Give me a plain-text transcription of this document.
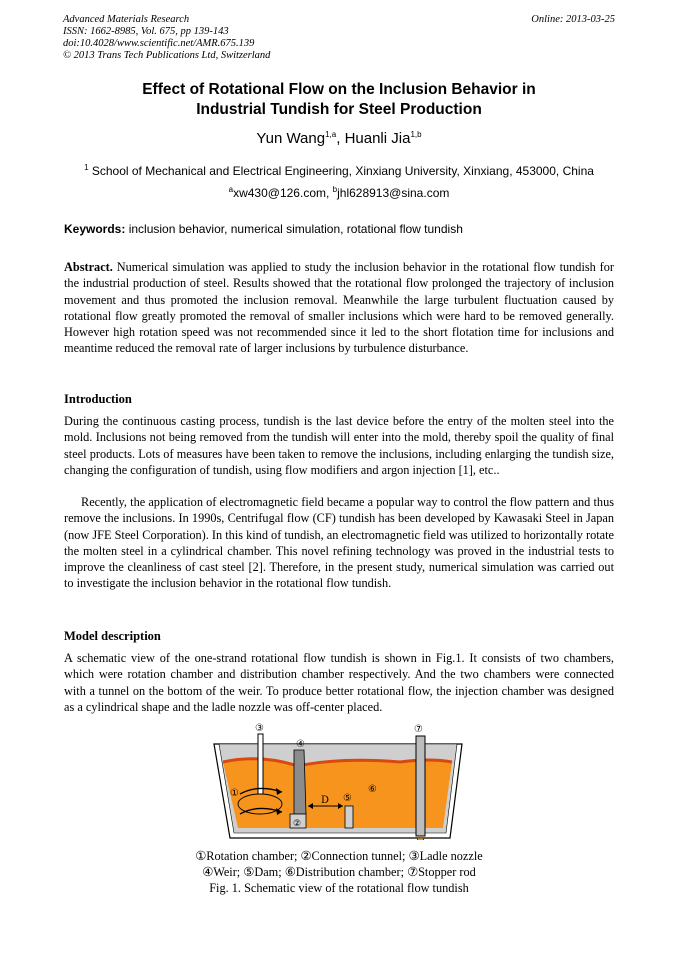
Advanced Materials Research
ISSN: 1662-8985, Vol. 675, pp 139-143
doi:10.4028/www.scientific.net/AMR.675.139
© 2013 Trans Tech Publications Ltd, Switzerland
Online: 2013-03-25
Effect of Rotational Flow on the Inclusion Behavior in
Industrial Tundish for Steel Production
Yun Wang$^{1,a}$, Huanli Jia$^{1,b}$
$^1$ School of Mechanical and Electrical Engineering, Xinxiang University, Xinxiang, 453000, China
$^a$xw430@126.com, $^b$jhl628913@sina.com
Keywords: inclusion behavior, numerical simulation, rotational flow tundish
Abstract. Numerical simulation was applied to study the inclusion behavior in the rotational flow tundish for the industrial production of steel. Results showed that the rotational flow prolonged the trajectory of inclusion movement and thus promoted the inclusion removal. Meanwhile the large turbulent fluctuation caused by rotational flow greatly promoted the removal of smaller inclusions which were hard to be removed generally. However high rotation speed was not recommended since it led to the short flotation time for inclusions and meantime reduced the removal rate of larger inclusions by turbulence disturbance.
Introduction
During the continuous casting process, tundish is the last device before the entry of the molten steel into the mold. Inclusions not being removed from the tundish will enter into the mold, thereby spoil the quality of final steel products. Lots of measures have been taken to remove the inclusions, including enlarging the tundish size, changing the configuration of tundish, using flow modifiers and argon injection [1], etc..
Recently, the application of electromagnetic field became a popular way to control the flow pattern and thus remove the inclusions. In 1990s, Centrifugal flow (CF) tundish has been developed by Kawasaki Steel in Japan (now JFE Steel Corporation). In this kind of tundish, an electromagnetic field was utilized to horizontally rotate the molten steel in a cylindrical chamber. This novel refining technology was proved in the industrial tests to improve the cleanliness of cast steel [2]. Therefore, in the present study, numerical simulation was carried out to investigate the inclusion behavior in the rotational flow tundish.
Model description
A schematic view of the one-strand rotational flow tundish is shown in Fig.1. It consists of two chambers, which were rotation chamber and distribution chamber respectively. And the two chambers were connected with a tunnel on the bottom of the weir. To produce better rotational flow, the injection chamber was designed as a cylindrical shape and the ladle nozzle was off-center placed.
③
④
⑦
①
②
⑤
⑥
D
①Rotation chamber; ②Connection tunnel; ③Ladle nozzle
④Weir; ⑤Dam; ⑥Distribution chamber; ⑦Stopper rod
Fig. 1. Schematic view of the rotational flow tundish
